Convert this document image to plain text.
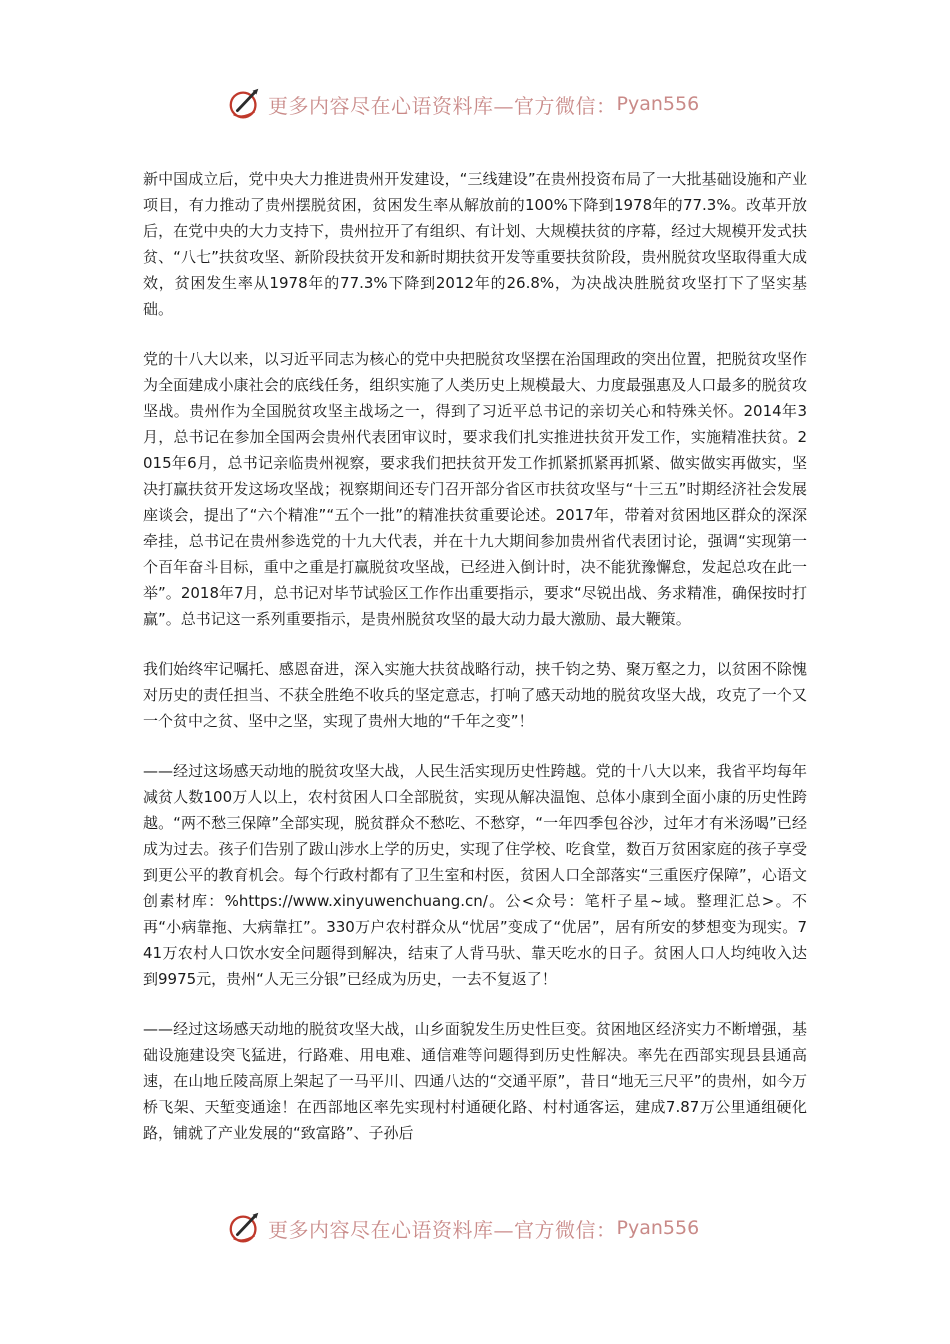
更多内容尽在心语资料库—官方微信： Pyan556

新中国成立后，党中央大力推进贵州开发建设，“三线建设”在贵州投资布局了一大批基础设施和产业项目，有力推动了贵州摆脱贫困，贫困发生率从解放前的100%下降到1978年的77.3%。改革开放后，在党中央的大力支持下，贵州拉开了有组织、有计划、大规模扶贫的序幕，经过大规模开发式扶贫、“八七”扶贫攻坚、新阶段扶贫开发和新时期扶贫开发等重要扶贫阶段，贵州脱贫攻坚取得重大成效，贫困发生率从1978年的77.3%下降到2012年的26.8%，为决战决胜脱贫攻坚打下了坚实基础。

党的十八大以来，以习近平同志为核心的党中央把脱贫攻坚摆在治国理政的突出位置，把脱贫攻坚作为全面建成小康社会的底线任务，组织实施了人类历史上规模最大、力度最强惠及人口最多的脱贫攻坚战。贵州作为全国脱贫攻坚主战场之一，得到了习近平总书记的亲切关心和特殊关怀。2014年3月，总书记在参加全国两会贵州代表团审议时，要求我们扎实推进扶贫开发工作，实施精准扶贫。2015年6月，总书记亲临贵州视察，要求我们把扶贫开发工作抓紧抓紧再抓紧、做实做实再做实，坚决打赢扶贫开发这场攻坚战；视察期间还专门召开部分省区市扶贫攻坚与“十三五”时期经济社会发展座谈会，提出了“六个精准”“五个一批”的精准扶贫重要论述。2017年，带着对贫困地区群众的深深牵挂，总书记在贵州参选党的十九大代表，并在十九大期间参加贵州省代表团讨论，强调“实现第一个百年奋斗目标，重中之重是打赢脱贫攻坚战，已经进入倒计时，决不能犹豫懈怠，发起总攻在此一举”。2018年7月，总书记对毕节试验区工作作出重要指示，要求“尽锐出战、务求精准，确保按时打赢”。总书记这一系列重要指示，是贵州脱贫攻坚的最大动力最大激励、最大鞭策。

我们始终牢记嘱托、感恩奋进，深入实施大扶贫战略行动，挟千钧之势、聚万壑之力，以贫困不除愧对历史的责任担当、不获全胜绝不收兵的坚定意志，打响了感天动地的脱贫攻坚大战，攻克了一个又一个贫中之贫、坚中之坚，实现了贵州大地的“千年之变”！

——经过这场感天动地的脱贫攻坚大战，人民生活实现历史性跨越。党的十八大以来，我省平均每年减贫人数100万人以上，农村贫困人口全部脱贫，实现从解决温饱、总体小康到全面小康的历史性跨越。“两不愁三保障”全部实现，脱贫群众不愁吃、不愁穿，“一年四季包谷沙，过年才有米汤喝”已经成为过去。孩子们告别了跋山涉水上学的历史，实现了住学校、吃食堂，数百万贫困家庭的孩子享受到更公平的教育机会。每个行政村都有了卫生室和村医，贫困人口全部落实“三重医疗保障”，心语文创素材库：%https://www.xinyuwenchuang.cn/。公<众号：笔杆子星~域。整理汇总>。不再“小病靠拖、大病靠扛”。330万户农村群众从“忧居”变成了“优居”，居有所安的梦想变为现实。741万农村人口饮水安全问题得到解决，结束了人背马驮、靠天吃水的日子。贫困人口人均纯收入达到9975元，贵州“人无三分银”已经成为历史，一去不复返了！

——经过这场感天动地的脱贫攻坚大战，山乡面貌发生历史性巨变。贫困地区经济实力不断增强，基础设施建设突飞猛进，行路难、用电难、通信难等问题得到历史性解决。率先在西部实现县县通高速，在山地丘陵高原上架起了一马平川、四通八达的“交通平原”，昔日“地无三尺平”的贵州，如今万桥飞架、天堑变通途！在西部地区率先实现村村通硬化路、村村通客运，建成7.87万公里通组硬化路，铺就了产业发展的“致富路”、子孙后

更多内容尽在心语资料库—官方微信： Pyan556
